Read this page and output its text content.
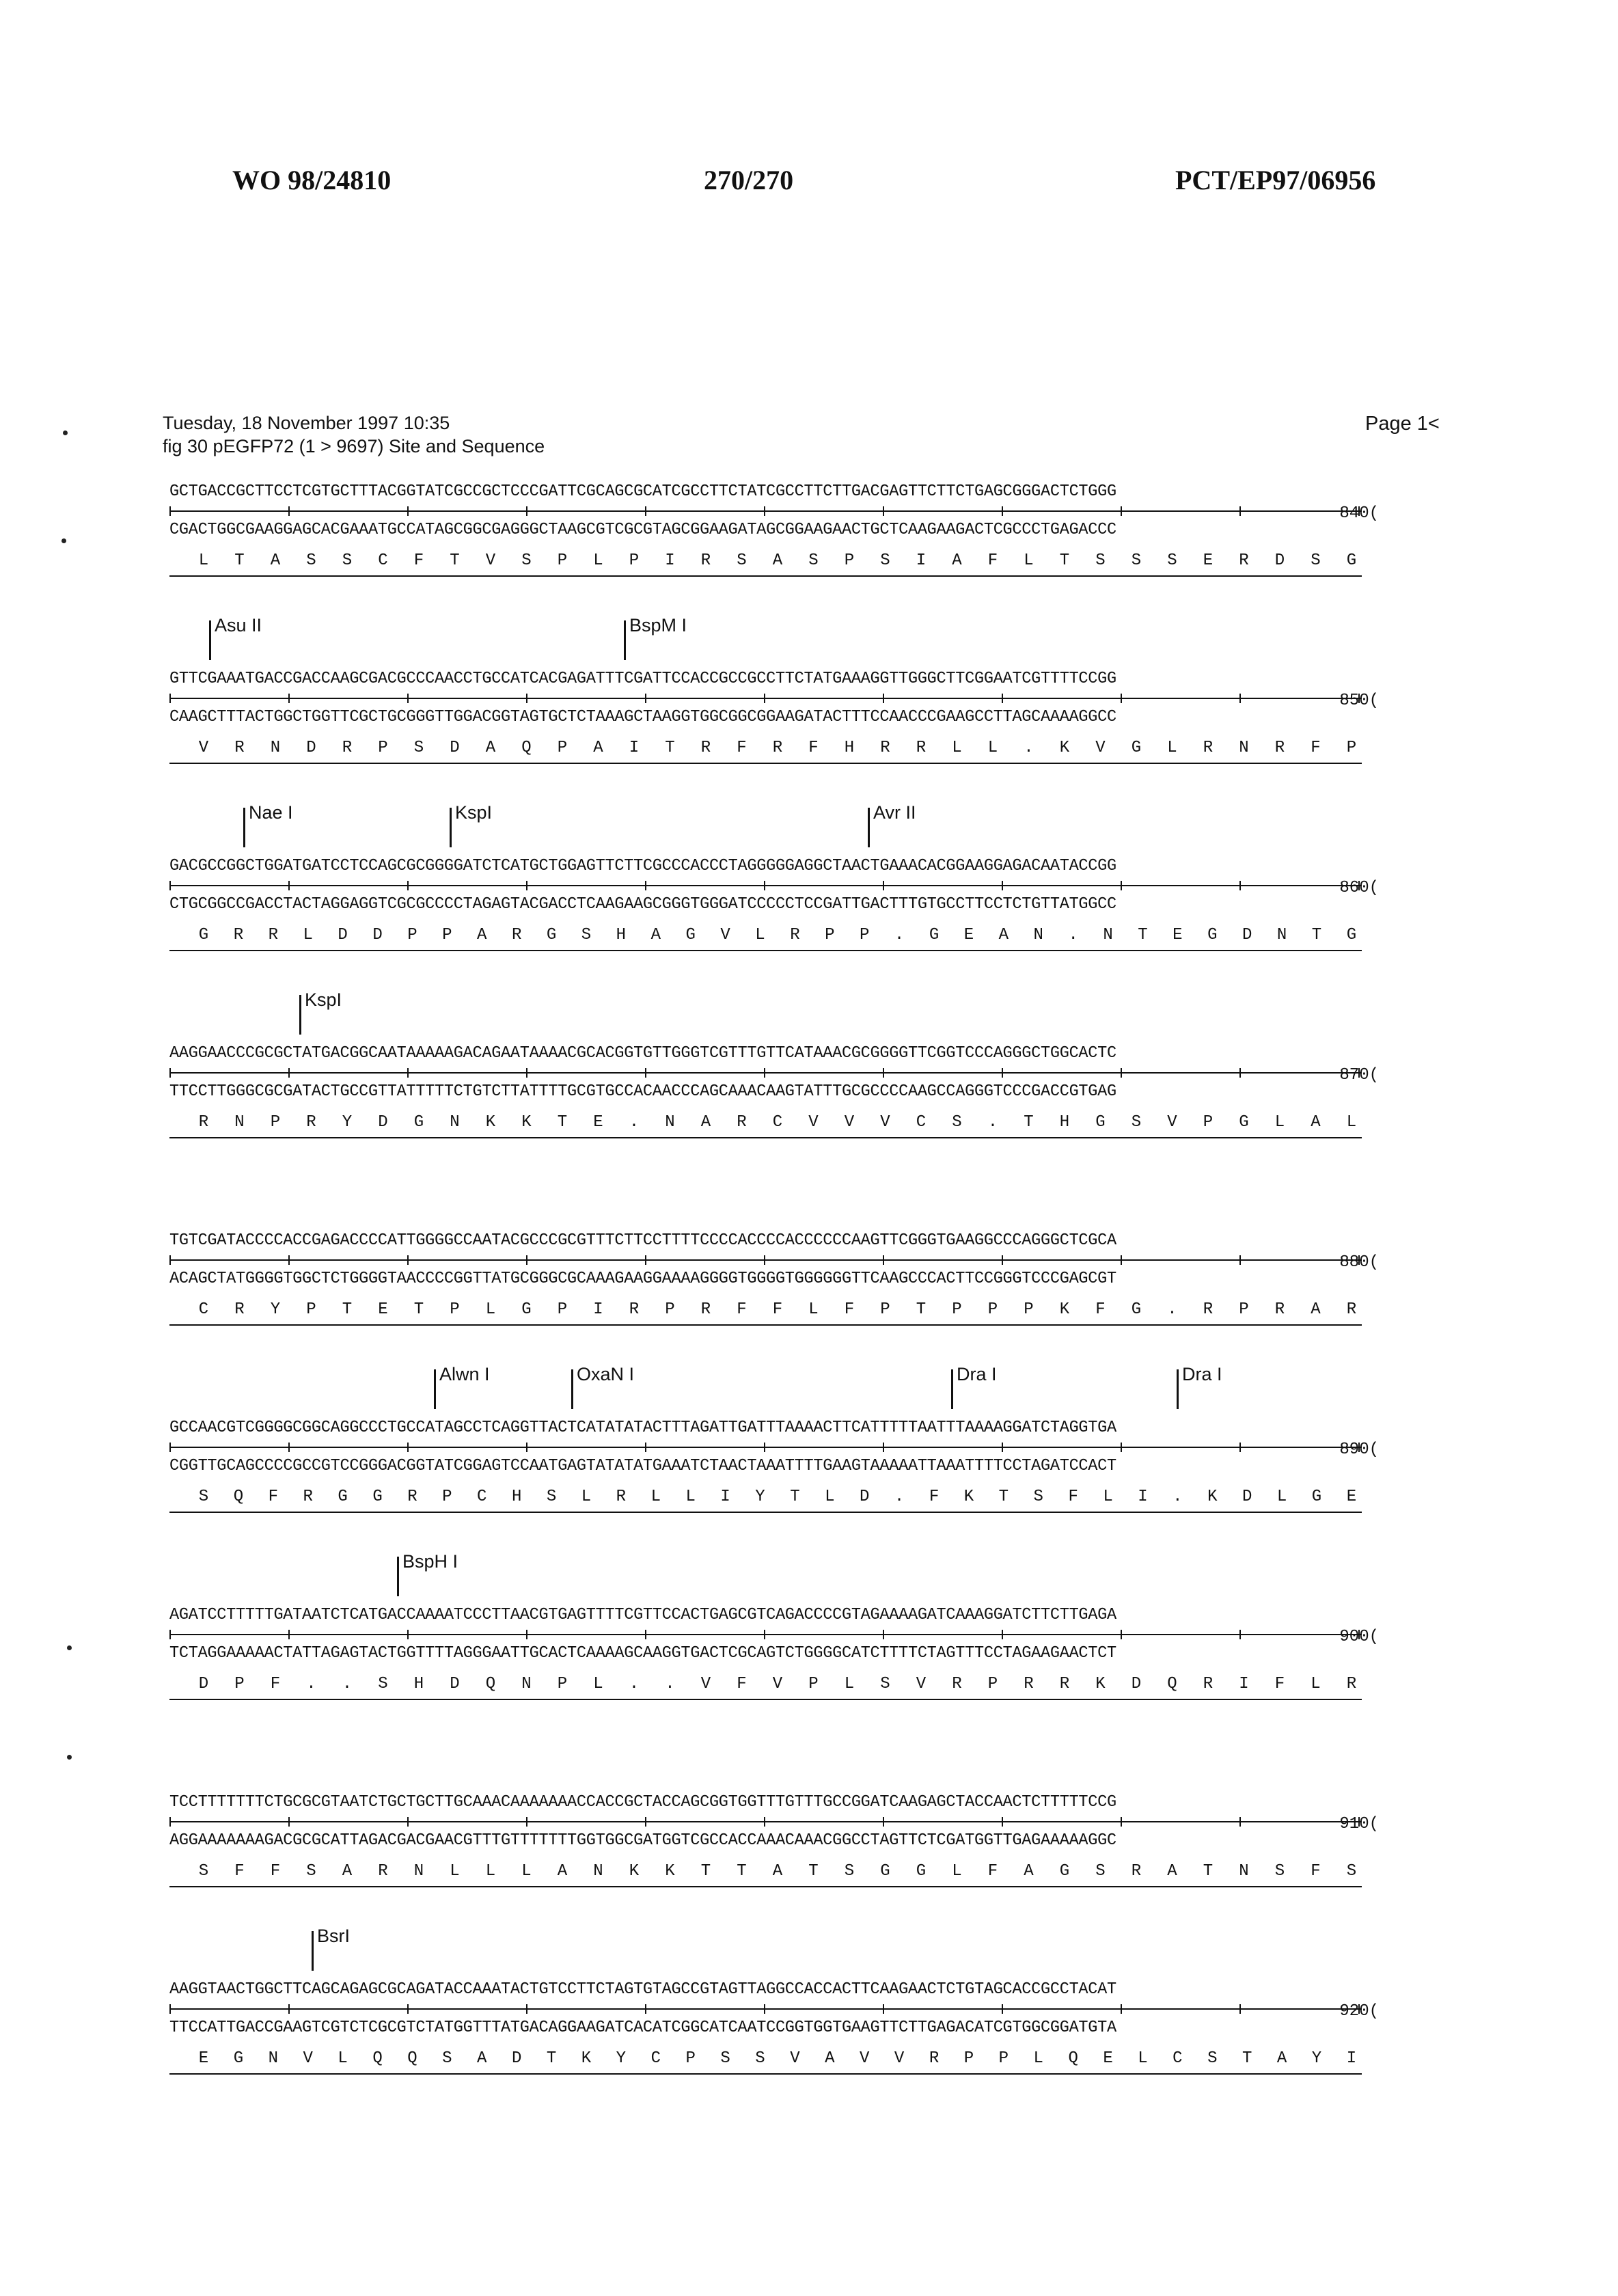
WO 98/24810	270/270	PCT/EP97/06956
Tuesday, 18 November 1997 10:35
fig 30 pEGFP72 (1 > 9697) Site and Sequence
Page 1<
GCTGACCGCTTCCTCGTGCTTTACGGTATCGCCGCTCCCGATTCGCAGCGCATCGCCTTCTATCGCCTTCTTGACGAGTTCTTCTGAGCGGGACTCTGGG
840(
CGACTGGCGAAGGAGCACGAAATGCCATAGCGGCGAGGGCTAAGCGTCGCGTAGCGGAAGATAGCGGAAGAACTGCTCAAGAAGACTCGCCCTGAGACCC
L T A S S C F T V S P L P I R S A S P S I A F L T S S S E R D S G
Asu II	BspM I
GTTCGAAATGACCGACCAAGCGACGCCCAACCTGCCATCACGAGATTTCGATTCCACCGCCGCCTTCTATGAAAGGTTGGGCTTCGGAATCGTTTTCCGG
850(
CAAGCTTTACTGGCTGGTTCGCTGCGGGTTGGACGGTAGTGCTCTAAAGCTAAGGTGGCGGCGGAAGATACTTTCCAACCCGAAGCCTTAGCAAAAGGCC
V R N D R P S D A Q P A I T R F R F H R R L L . K V G L R N R F P
Nae I	KspI	Avr II
GACGCCGGCTGGATGATCCTCCAGCGCGGGGATCTCATGCTGGAGTTCTTCGCCCACCCTAGGGGGAGGCTAACTGAAACACGGAAGGAGACAATACCGG
860(
CTGCGGCCGACCTACTAGGAGGTCGCGCCCCTAGAGTACGACCTCAAGAAGCGGGTGGGATCCCCCTCCGATTGACTTTGTGCCTTCCTCTGTTATGGCC
G R R L D D P P A R G S H A G V L R P P . G E A N . N T E G D N T G
KspI
AAGGAACCCGCGCTATGACGGCAATAAAAAGACAGAATAAAACGCACGGTGTTGGGTCGTTTGTTCATAAACGCGGGGTTCGGTCCCAGGGCTGGCACTC
870(
TTCCTTGGGCGCGATACTGCCGTTATTTTTCTGTCTTATTTTGCGTGCCACAACCCAGCAAACAAGTATTTGCGCCCCAAGCCAGGGTCCCGACCGTGAG
R N P R Y D G N K K T E . N A R C V V V C S . T H G S V P G L A L
TGTCGATACCCCACCGAGACCCCATTGGGGCCAATACGCCCGCGTTTCTTCCTTTTCCCCACCCCACCCCCCAAGTTCGGGTGAAGGCCCAGGGCTCGCA
880(
ACAGCTATGGGGTGGCTCTGGGGTAACCCCGGTTATGCGGGCGCAAAGAAGGAAAAGGGGTGGGGTGGGGGGTTCAAGCCCACTTCCGGGTCCCGAGCGT
C R Y P T E T P L G P I R P R F F L F P T P P P K F G . R P R A R
Alwn I	OxaN I	Dra I	Dra I
GCCAACGTCGGGGCGGCAGGCCCTGCCATAGCCTCAGGTTACTCATATATACTTTAGATTGATTTAAAACTTCATTTTTAATTTAAAAGGATCTAGGTGA
890(
CGGTTGCAGCCCCGCCGTCCGGGACGGTATCGGAGTCCAATGAGTATATATGAAATCTAACTAAATTTTGAAGTAAAAATTAAATTTTCCTAGATCCACT
S Q F R G G R P C H S L R L L I Y T L D . F K T S F L I . K D L G E
BspH I
AGATCCTTTTTGATAATCTCATGACCAAAATCCCTTAACGTGAGTTTTCGTTCCACTGAGCGTCAGACCCCGTAGAAAAGATCAAAGGATCTTCTTGAGA
900(
TCTAGGAAAAACTATTAGAGTACTGGTTTTAGGGAATTGCACTCAAAAGCAAGGTGACTCGCAGTCTGGGGCATCTTTTCTAGTTTCCTAGAAGAACTCT
D P F . . S H D Q N P L . . V F V P L S V R P R R K D Q R I F L R
TCCTTTTTTTCTGCGCGTAATCTGCTGCTTGCAAACAAAAAAACCACCGCTACCAGCGGTGGTTTGTTTGCCGGATCAAGAGCTACCAACTCTTTTTCCG
910(
AGGAAAAAAAGACGCGCATTAGACGACGAACGTTTGTTTTTTTGGTGGCGATGGTCGCCACCAAACAAACGGCCTAGTTCTCGATGGTTGAGAAAAAGGC
S F F S A R N L L L A N K K T T A T S G G L F A G S R A T N S F S
BsrI
AAGGTAACTGGCTTCAGCAGAGCGCAGATACCAAATACTGTCCTTCTAGTGTAGCCGTAGTTAGGCCACCACTTCAAGAACTCTGTAGCACCGCCTACAT
920(
TTCCATTGACCGAAGTCGTCTCGCGTCTATGGTTTATGACAGGAAGATCACATCGGCATCAATCCGGTGGTGAAGTTCTTGAGACATCGTGGCGGATGTA
E G N V L Q Q S A D T K Y C P S S V A V V R P P L Q E L C S T A Y I
